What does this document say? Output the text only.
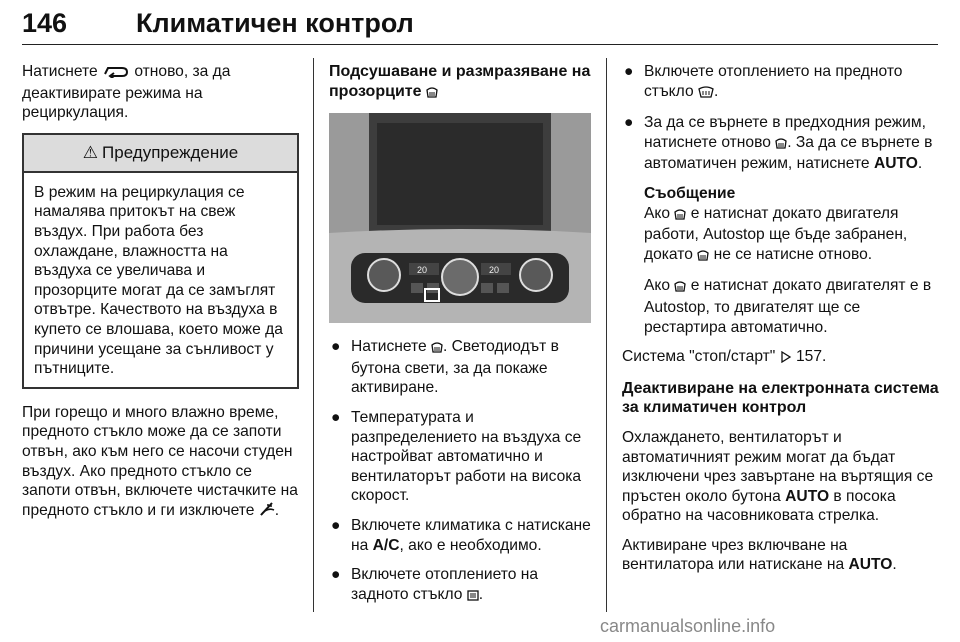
146	Климатичен контрол

Натиснете  отново, за да деактивирате режима на рециркулация.

⚠ Предупреждение
В режим на рециркулация се намалява притокът на свеж въздух. При работа без охлаждане, влажността на въздуха се увеличава и прозорците могат да се замъглят отвътре. Качеството на въздуха в купето се влошава, което може да причини усещане за сънливост у пътниците.

При горещо и много влажно време, предното стъкло може да се запоти отвън, ако към него се насочи студен въздух. Ако предното стъкло се запоти отвън, включете чистачките на предното стъкло и ги изключете .

Подсушаване и размразяване на прозорците
20	20
● Натиснете . Светодиодът в бутона свети, за да покаже активиране.
● Температурата и разпределението на въздуха се настройват автоматично и вентилаторът работи на висока скорост.
● Включете климатика с натискане на A/C, ако е необходимо.
● Включете отоплението на задното стъкло .
● Включете отоплението на предното стъкло .
● За да се върнете в предходния режим, натиснете отново . За да се върнете в автоматичен режим, натиснете AUTO.
Съобщение

Ако  е натиснат докато двигателя работи, Autostop ще бъде забранен, докато  не се натисне отново.

Ако  е натиснат докато двигателят е в Autostop, то двигателят ще се рестартира автоматично.

Система "стоп/старт"  157.

Деактивиране на електронната система за климатичен контрол

Охлаждането, вентилаторът и автоматичният режим могат да бъдат изключени чрез завъртане на въртящия се пръстен около бутона AUTO в посока обратно на часовниковата стрелка.

Активиране чрез включване на вентилатора или натискане на AUTO.

carmanualsonline.info
